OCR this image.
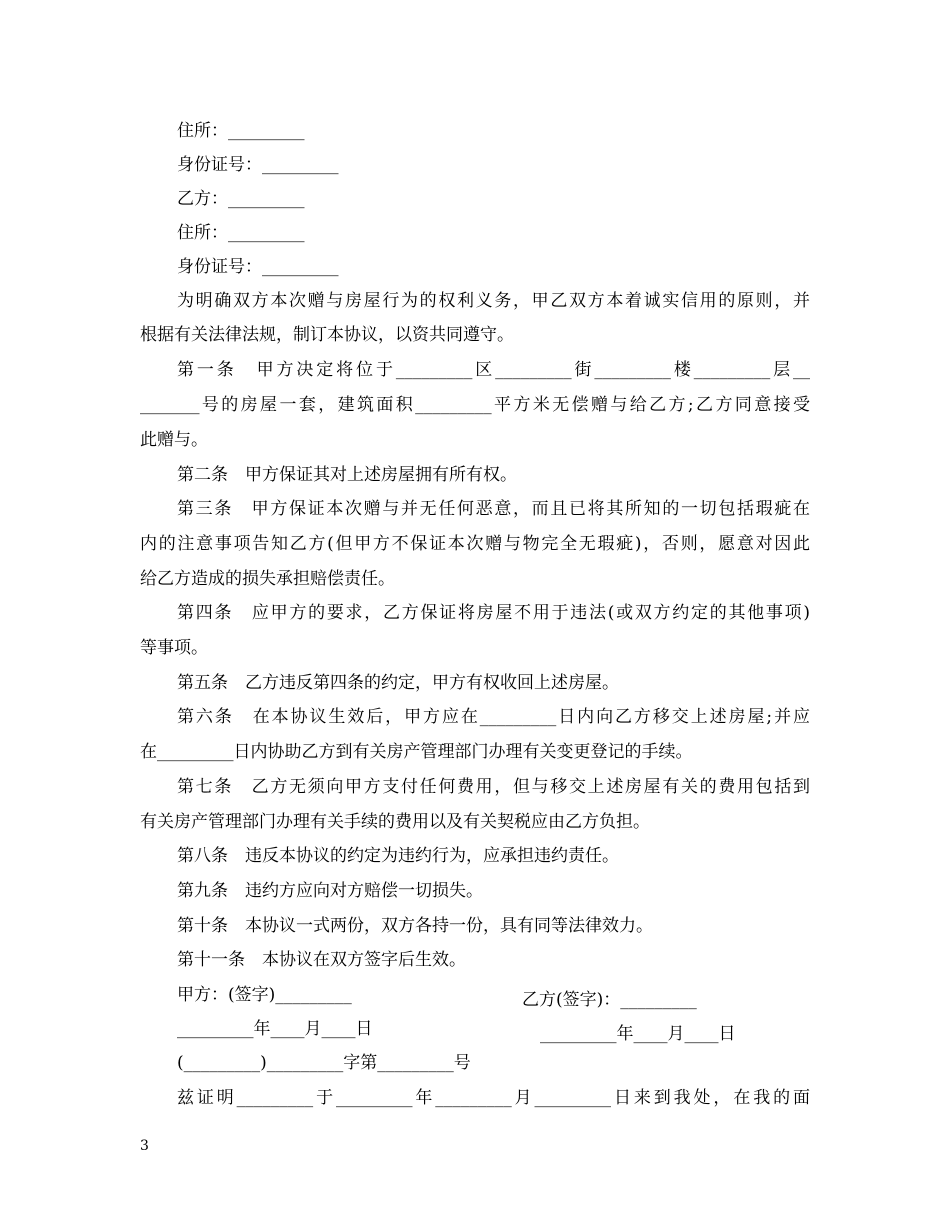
住所：_________
身份证号：_________
乙方：_________
住所：_________
身份证号：_________
为明确双方本次赠与房屋行为的权利义务，甲乙双方本着诚实信用的原则，并
根据有关法律法规，制订本协议，以资共同遵守。
第一条　甲方决定将位于_________区_________街_________楼_________层__
_______号的房屋一套，建筑面积_________平方米无偿赠与给乙方;乙方同意接受
此赠与。
第二条　甲方保证其对上述房屋拥有所有权。
第三条　甲方保证本次赠与并无任何恶意，而且已将其所知的一切包括瑕疵在
内的注意事项告知乙方(但甲方不保证本次赠与物完全无瑕疵)，否则，愿意对因此
给乙方造成的损失承担赔偿责任。
第四条　应甲方的要求，乙方保证将房屋不用于违法(或双方约定的其他事项)
等事项。
第五条　乙方违反第四条的约定，甲方有权收回上述房屋。
第六条　在本协议生效后，甲方应在_________日内向乙方移交上述房屋;并应
在_________日内协助乙方到有关房产管理部门办理有关变更登记的手续。
第七条　乙方无须向甲方支付任何费用，但与移交上述房屋有关的费用包括到
有关房产管理部门办理有关手续的费用以及有关契税应由乙方负担。
第八条　违反本协议的约定为违约行为，应承担违约责任。
第九条　违约方应向对方赔偿一切损失。
第十条　本协议一式两份，双方各持一份，具有同等法律效力。
第十一条　本协议在双方签字后生效。
甲方：(签字)_________	乙方(签字)：_________
_________年____月____日	_________年____月____日
(_________)_________字第_________号
兹证明_________于_________年_________月_________日来到我处，在我的面
3
